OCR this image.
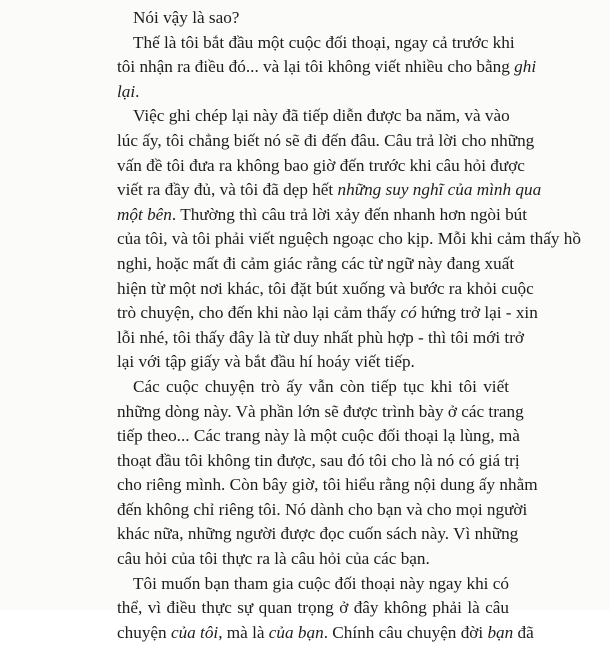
Nói vậy là sao?
Thế là tôi bắt đầu một cuộc đối thoại, ngay cả trước khi
tôi nhận ra điều đó... và lại tôi không viết nhiều cho bằng ghi
lại.
Việc ghi chép lại này đã tiếp diễn được ba năm, và vào
lúc ấy, tôi chẳng biết nó sẽ đi đến đâu. Câu trả lời cho những
vấn đề tôi đưa ra không bao giờ đến trước khi câu hỏi được
viết ra đầy đủ, và tôi đã dẹp hết những suy nghĩ của mình qua
một bên. Thường thì câu trả lời xảy đến nhanh hơn ngòi bút
của tôi, và tôi phải viết nguệch ngoạc cho kịp. Mỗi khi cảm thấy hồ
nghi, hoặc mất đi cảm giác rằng các từ ngữ này đang xuất
hiện từ một nơi khác, tôi đặt bút xuống và bước ra khỏi cuộc
trò chuyện, cho đến khi nào lại cảm thấy có hứng trở lại - xin
lỗi nhé, tôi thấy đây là từ duy nhất phù hợp - thì tôi mới trở
lại với tập giấy và bắt đầu hí hoáy viết tiếp.
Các cuộc chuyện trò ấy vẫn còn tiếp tục khi tôi viết
những dòng này. Và phần lớn sẽ được trình bày ở các trang
tiếp theo... Các trang này là một cuộc đối thoại lạ lùng, mà
thoạt đầu tôi không tin được, sau đó tôi cho là nó có giá trị
cho riêng mình. Còn bây giờ, tôi hiểu rằng nội dung ấy nhằm
đến không chỉ riêng tôi. Nó dành cho bạn và cho mọi người
khác nữa, những người được đọc cuốn sách này. Vì những
câu hỏi của tôi thực ra là câu hỏi của các bạn.
Tôi muốn bạn tham gia cuộc đối thoại này ngay khi có
thể, vì điều thực sự quan trọng ở đây không phải là câu
chuyện của tôi, mà là của bạn. Chính câu chuyện đời bạn đã
